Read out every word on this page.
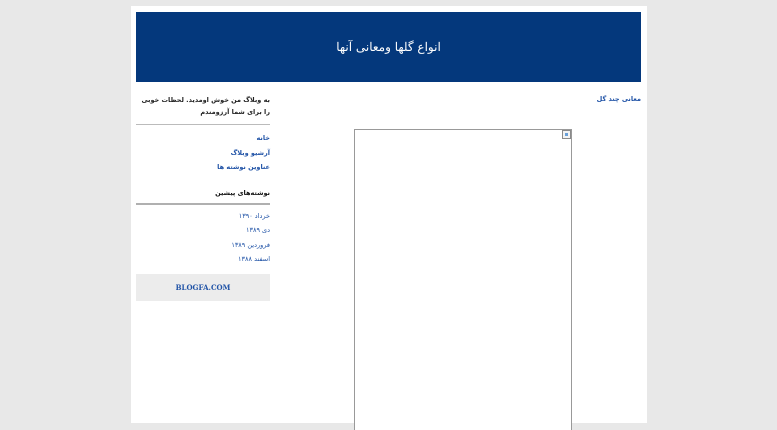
انواع گلها ومعانی آنها
معانی چند گل
به وبلاگ من خوش اومدید. لحظات خوبی را برای شما آرزومندم
خانه
آرشیو وبلاگ
عناوین نوشته ها
نوشته‌های پیشین
خرداد ۱۳۹۰
دی ۱۳۸۹
فروردین ۱۳۸۹
اسفند ۱۳۸۸
BLOGFA.COM
